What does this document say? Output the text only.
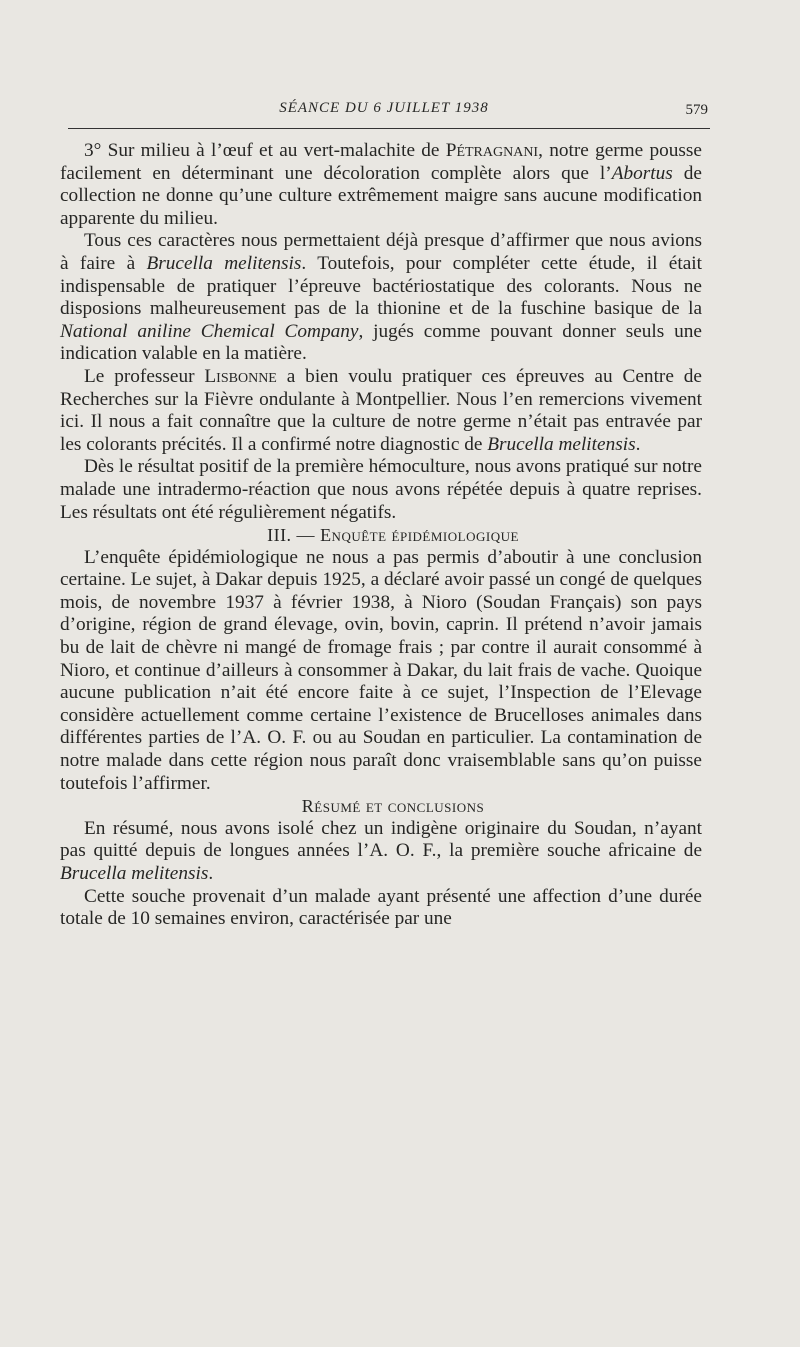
SÉANCE DU 6 JUILLET 1938	579

3° Sur milieu à l’œuf et au vert-malachite de Pétragnani, notre germe pousse facilement en déterminant une décoloration complète alors que l’Abortus de collection ne donne qu’une culture extrêmement maigre sans aucune modification apparente du milieu.

Tous ces caractères nous permettaient déjà presque d’affirmer que nous avions à faire à Brucella melitensis. Toutefois, pour compléter cette étude, il était indispensable de pratiquer l’épreuve bactériostatique des colorants. Nous ne disposions malheureusement pas de la thionine et de la fuschine basique de la National aniline Chemical Company, jugés comme pouvant donner seuls une indication valable en la matière.

Le professeur Lisbonne a bien voulu pratiquer ces épreuves au Centre de Recherches sur la Fièvre ondulante à Montpellier. Nous l’en remercions vivement ici. Il nous a fait connaître que la culture de notre germe n’était pas entravée par les colorants précités. Il a confirmé notre diagnostic de Brucella melitensis.

Dès le résultat positif de la première hémoculture, nous avons pratiqué sur notre malade une intradermo-réaction que nous avons répétée depuis à quatre reprises. Les résultats ont été régulièrement négatifs.

III. — Enquête épidémiologique

L’enquête épidémiologique ne nous a pas permis d’aboutir à une conclusion certaine. Le sujet, à Dakar depuis 1925, a déclaré avoir passé un congé de quelques mois, de novembre 1937 à février 1938, à Nioro (Soudan Français) son pays d’origine, région de grand élevage, ovin, bovin, caprin. Il prétend n’avoir jamais bu de lait de chèvre ni mangé de fromage frais ; par contre il aurait consommé à Nioro, et continue d’ailleurs à consommer à Dakar, du lait frais de vache. Quoique aucune publication n’ait été encore faite à ce sujet, l’Inspection de l’Elevage considère actuellement comme certaine l’existence de Brucelloses animales dans différentes parties de l’A. O. F. ou au Soudan en particulier. La contamination de notre malade dans cette région nous paraît donc vraisemblable sans qu’on puisse toutefois l’affirmer.

Résumé et conclusions

En résumé, nous avons isolé chez un indigène originaire du Soudan, n’ayant pas quitté depuis de longues années l’A. O. F., la première souche africaine de Brucella melitensis.

Cette souche provenait d’un malade ayant présenté une affection d’une durée totale de 10 semaines environ, caractérisée par une
